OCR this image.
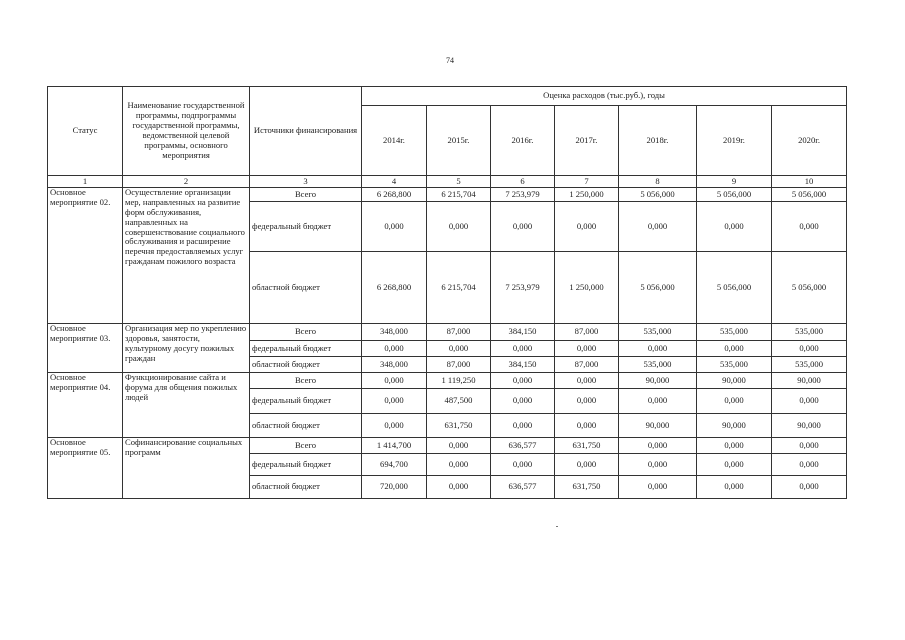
74
Статус	Наименование государственной программы, подпрограммы государственной программы, ведомственной целевой программы, основного мероприятия	Источники финансирования	Оценка расходов (тыс.руб.), годы						
			2014г.	2015г.	2016г.	2017г.	2018г.	2019г.	2020г.
1	2	3	4	5	6	7	8	9	10
Основное мероприятие 02.	Осуществление организации мер, направленных на развитие форм обслуживания, направленных на совершенствование социального обслуживания и расширение перечня предоставляемых услуг гражданам пожилого возраста	Всего	6 268,800	6 215,704	7 253,979	1 250,000	5 056,000	5 056,000	5 056,000
		федеральный бюджет	0,000	0,000	0,000	0,000	0,000	0,000	0,000
		областной бюджет	6 268,800	6 215,704	7 253,979	1 250,000	5 056,000	5 056,000	5 056,000
Основное мероприятие 03.	Организация мер по укреплению здоровья, занятости, культурному досугу пожилых граждан	Всего	348,000	87,000	384,150	87,000	535,000	535,000	535,000
		федеральный бюджет	0,000	0,000	0,000	0,000	0,000	0,000	0,000
		областной бюджет	348,000	87,000	384,150	87,000	535,000	535,000	535,000
Основное мероприятие 04.	Функционирование сайта и форума для общения пожилых людей	Всего	0,000	1 119,250	0,000	0,000	90,000	90,000	90,000
		федеральный бюджет	0,000	487,500	0,000	0,000	0,000	0,000	0,000
		областной бюджет	0,000	631,750	0,000	0,000	90,000	90,000	90,000
Основное мероприятие 05.	Софинансирование социальных программ	Всего	1 414,700	0,000	636,577	631,750	0,000	0,000	0,000
		федеральный бюджет	694,700	0,000	0,000	0,000	0,000	0,000	0,000
		областной бюджет	720,000	0,000	636,577	631,750	0,000	0,000	0,000
